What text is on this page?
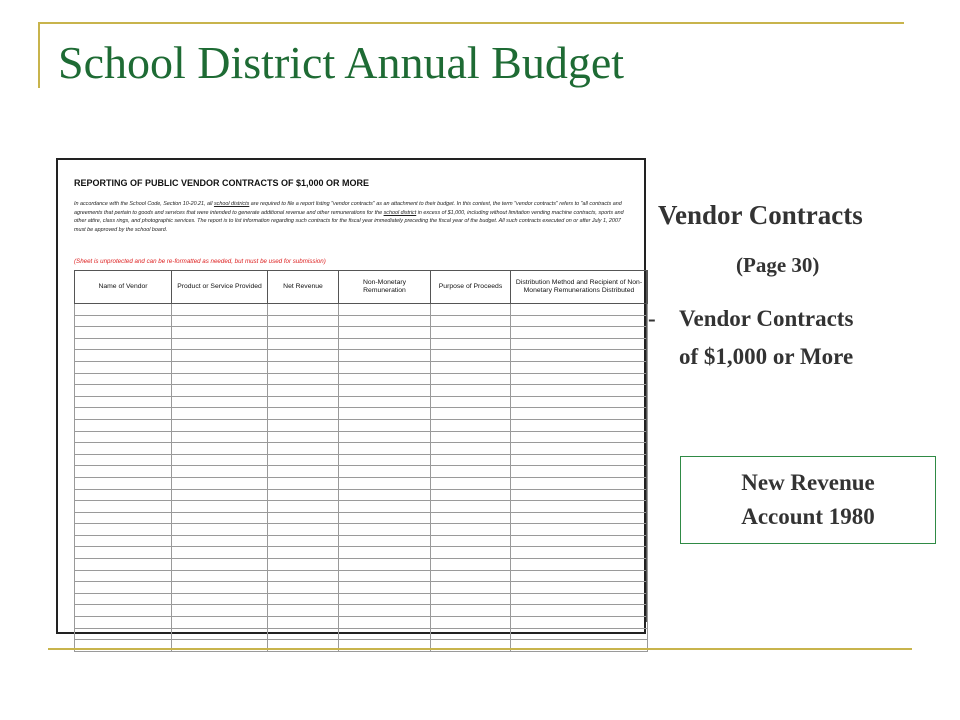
School District Annual Budget
REPORTING OF PUBLIC VENDOR CONTRACTS OF $1,000 OR MORE
In accordance with the School Code, Section 10-20.21, all school districts are required to file a report listing "vendor contracts" as an attachment to their budget. In this context, the term "vendor contracts" refers to "all contracts and agreements that pertain to goods and services that were intended to generate additional revenue and other remunerations for the school district in excess of $1,000, including without limitation vending machine contracts, sports and other attire, class rings, and photographic services. The report is to list information regarding such contracts for the fiscal year immediately preceding the fiscal year of the budget. All such contracts executed on or after July 1, 2007 must be approved by the school board.
(Sheet is unprotected and can be re-formatted as needed, but must be used for submission)
Name of Vendor	Product or Service Provided	Net Revenue	Non-Monetary Remuneration	Purpose of Proceeds	Distribution Method and Recipient of Non-Monetary Remunerations Distributed

Vendor Contracts
(Page 30)
- Vendor Contracts
of $1,000 or More
New Revenue
Account 1980
